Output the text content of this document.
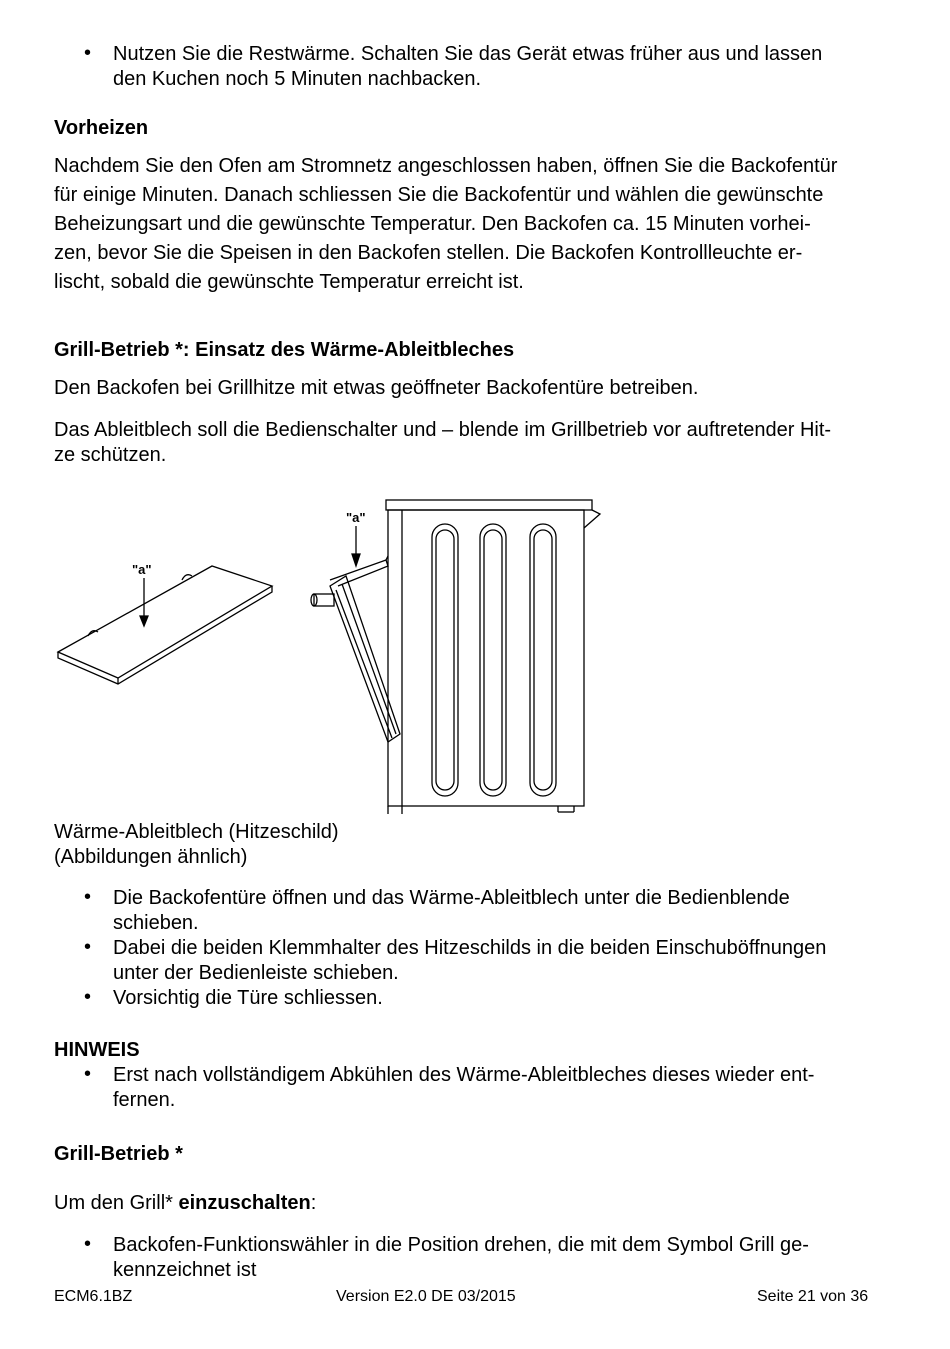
• Nutzen Sie die Restwärme. Schalten Sie das Gerät etwas früher aus und lassen
den Kuchen noch 5 Minuten nachbacken.
Vorheizen
Nachdem Sie den Ofen am Stromnetz angeschlossen haben, öffnen Sie die Backofentür
für einige Minuten. Danach schliessen Sie die Backofentür und wählen die gewünschte
Beheizungsart und die gewünschte Temperatur. Den Backofen ca. 15 Minuten vorhei-
zen, bevor Sie die Speisen in den Backofen stellen. Die Backofen Kontrollleuchte er-
lischt, sobald die gewünschte Temperatur erreicht ist.
Grill-Betrieb *: Einsatz des Wärme-Ableitbleches
Den Backofen bei Grillhitze mit etwas geöffneter Backofentüre betreiben.
Das Ableitblech soll die Bedienschalter und – blende im Grillbetrieb vor auftretender Hit-
ze schützen.
"a"
"a"
Wärme-Ableitblech (Hitzeschild)
(Abbildungen ähnlich)
• Die Backofentüre öffnen und das Wärme-Ableitblech unter die Bedienblende
schieben.
• Dabei die beiden Klemmhalter des Hitzeschilds in die beiden Einschuböffnungen
unter der Bedienleiste schieben.
• Vorsichtig die Türe schliessen.
HINWEIS
• Erst nach vollständigem Abkühlen des Wärme-Ableitbleches dieses wieder ent-
fernen.
Grill-Betrieb *
Um den Grill* einzuschalten:
• Backofen-Funktionswähler in die Position drehen, die mit dem Symbol Grill ge-
kennzeichnet ist
ECM6.1BZ	Version E2.0 DE 03/2015	Seite 21 von 36
